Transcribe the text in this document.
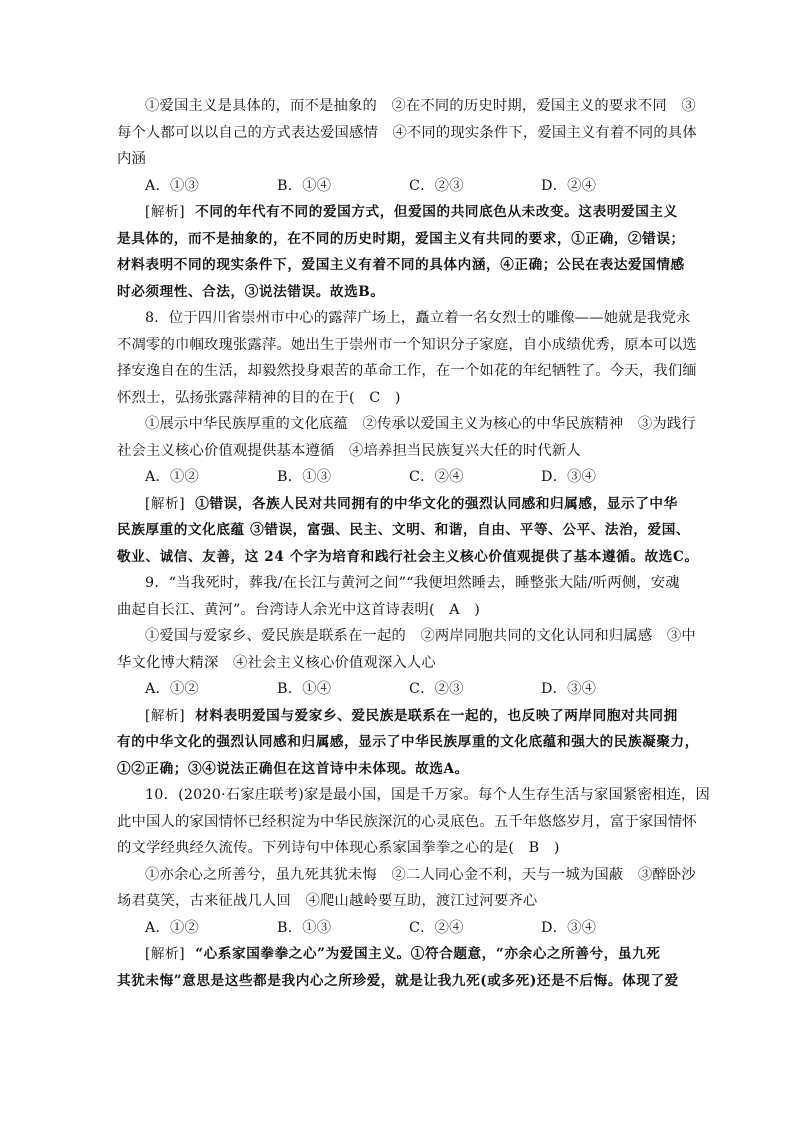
①爱国主义是具体的，而不是抽象的　②在不同的历史时期，爱国主义的要求不同　③
每个人都可以以自己的方式表达爱国感情　④不同的现实条件下，爱国主义有着不同的具体
内涵
A．①③	B．①④	C．②③	D．②④
[解析] 不同的年代有不同的爱国方式，但爱国的共同底色从未改变。这表明爱国主义
是具体的，而不是抽象的，在不同的历史时期，爱国主义有共同的要求，①正确，②错误；
材料表明不同的现实条件下，爱国主义有着不同的具体内涵，④正确；公民在表达爱国情感
时必须理性、合法，③说法错误。故选B。
8．位于四川省崇州市中心的露萍广场上，矗立着一名女烈士的雕像——她就是我党永
不凋零的巾帼玫瑰张露萍。她出生于崇州市一个知识分子家庭，自小成绩优秀，原本可以选
择安逸自在的生活，却毅然投身艰苦的革命工作，在一个如花的年纪牺牲了。今天，我们缅
怀烈士，弘扬张露萍精神的目的在于(　C　)
①展示中华民族厚重的文化底蕴　②传承以爱国主义为核心的中华民族精神　③为践行
社会主义核心价值观提供基本遵循　④培养担当民族复兴大任的时代新人
A．①②	B．①③	C．②④	D．③④
[解析] ①错误，各族人民对共同拥有的中华文化的强烈认同感和归属感，显示了中华
民族厚重的文化底蕴 ③错误，富强、民主、文明、和谐，自由、平等、公平、法治，爱国、
敬业、诚信、友善，这 24 个字为培育和践行社会主义核心价值观提供了基本遵循。故选C。
9．“当我死时，葬我/在长江与黄河之间”“我便坦然睡去，睡整张大陆/听两侧，安魂
曲起自长江、黄河”。台湾诗人余光中这首诗表明(　A　)
①爱国与爱家乡、爱民族是联系在一起的　②两岸同胞共同的文化认同和归属感　③中
华文化博大精深　④社会主义核心价值观深入人心
A．①②	B．①④	C．②③	D．③④
[解析] 材料表明爱国与爱家乡、爱民族是联系在一起的，也反映了两岸同胞对共同拥
有的中华文化的强烈认同感和归属感，显示了中华民族厚重的文化底蕴和强大的民族凝聚力，
①②正确；③④说法正确但在这首诗中未体现。故选A。
10．(2020·石家庄联考)家是最小国，国是千万家。每个人生存生活与家国紧密相连，因
此中国人的家国情怀已经积淀为中华民族深沉的心灵底色。五千年悠悠岁月，富于家国情怀
的文学经典经久流传。下列诗句中体现心系家国拳拳之心的是(　B　)
①亦余心之所善兮，虽九死其犹未悔　②二人同心金不利，天与一城为国蔽　③醉卧沙
场君莫笑，古来征战几人回　④爬山越岭要互助，渡江过河要齐心
A．①②	B．①③	C．②④	D．③④
[解析] “心系家国拳拳之心”为爱国主义。①符合题意，“亦余心之所善兮，虽九死
其犹未悔”意思是这些都是我内心之所珍爱，就是让我九死(或多死)还是不后悔。体现了爱
